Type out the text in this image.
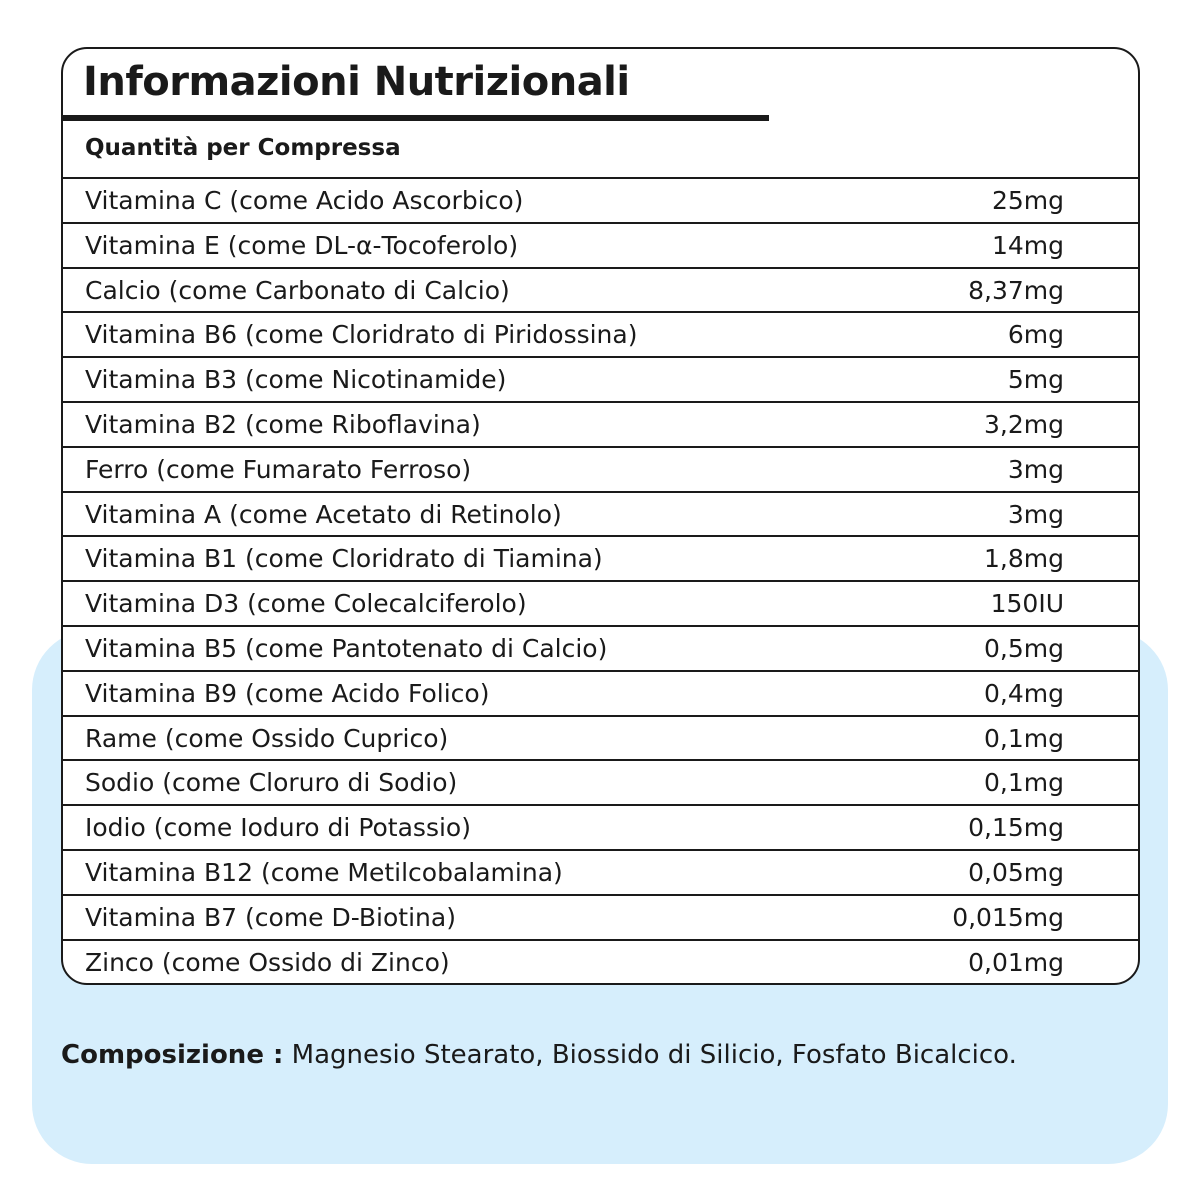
Informazioni Nutrizionali
Quantità per Compressa
Vitamina C (come Acido Ascorbico)	25mg
Vitamina E (come DL-α-Tocoferolo)	14mg
Calcio (come Carbonato di Calcio)	8,37mg
Vitamina B6 (come Cloridrato di Piridossina)	6mg
Vitamina B3 (come Nicotinamide)	5mg
Vitamina B2 (come Riboflavina)	3,2mg
Ferro (come Fumarato Ferroso)	3mg
Vitamina A (come Acetato di Retinolo)	3mg
Vitamina B1 (come Cloridrato di Tiamina)	1,8mg
Vitamina D3 (come Colecalciferolo)	150IU
Vitamina B5 (come Pantotenato di Calcio)	0,5mg
Vitamina B9 (come Acido Folico)	0,4mg
Rame (come Ossido Cuprico)	0,1mg
Sodio (come Cloruro di Sodio)	0,1mg
Iodio (come Ioduro di Potassio)	0,15mg
Vitamina B12 (come Metilcobalamina)	0,05mg
Vitamina B7 (come D-Biotina)	0,015mg
Zinco (come Ossido di Zinco)	0,01mg
Composizione : Magnesio Stearato, Biossido di Silicio, Fosfato Bicalcico.
